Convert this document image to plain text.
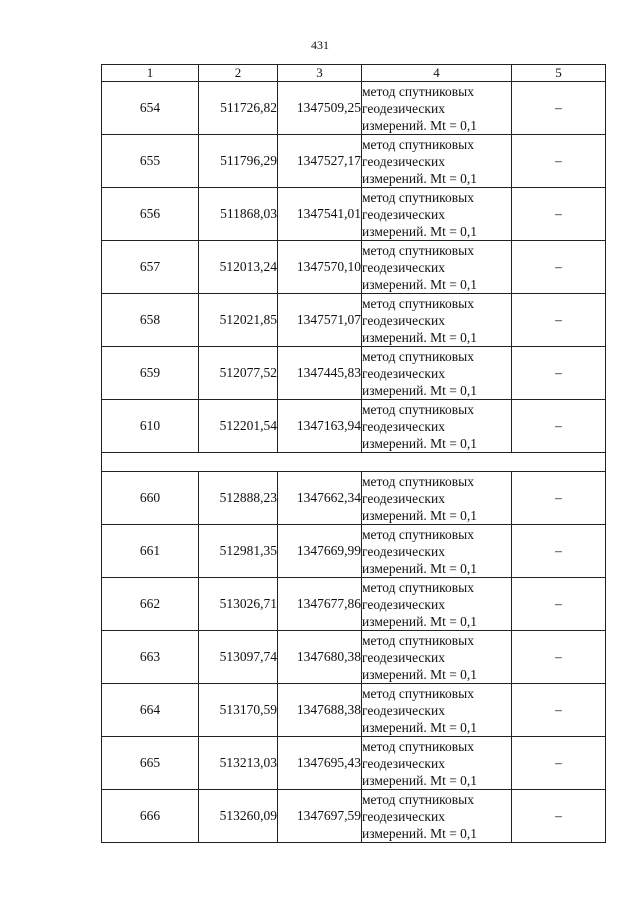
431
1	2	3	4	5
654	511726,82	1347509,25	метод спутниковых
геодезических
измерений. Mt = 0,1	–
655	511796,29	1347527,17	метод спутниковых
геодезических
измерений. Mt = 0,1	–
656	511868,03	1347541,01	метод спутниковых
геодезических
измерений. Mt = 0,1	–
657	512013,24	1347570,10	метод спутниковых
геодезических
измерений. Mt = 0,1	–
658	512021,85	1347571,07	метод спутниковых
геодезических
измерений. Mt = 0,1	–
659	512077,52	1347445,83	метод спутниковых
геодезических
измерений. Mt = 0,1	–
610	512201,54	1347163,94	метод спутниковых
геодезических
измерений. Mt = 0,1	–

660	512888,23	1347662,34	метод спутниковых
геодезических
измерений. Mt = 0,1	–
661	512981,35	1347669,99	метод спутниковых
геодезических
измерений. Mt = 0,1	–
662	513026,71	1347677,86	метод спутниковых
геодезических
измерений. Mt = 0,1	–
663	513097,74	1347680,38	метод спутниковых
геодезических
измерений. Mt = 0,1	–
664	513170,59	1347688,38	метод спутниковых
геодезических
измерений. Mt = 0,1	–
665	513213,03	1347695,43	метод спутниковых
геодезических
измерений. Mt = 0,1	–
666	513260,09	1347697,59	метод спутниковых
геодезических
измерений. Mt = 0,1	–
